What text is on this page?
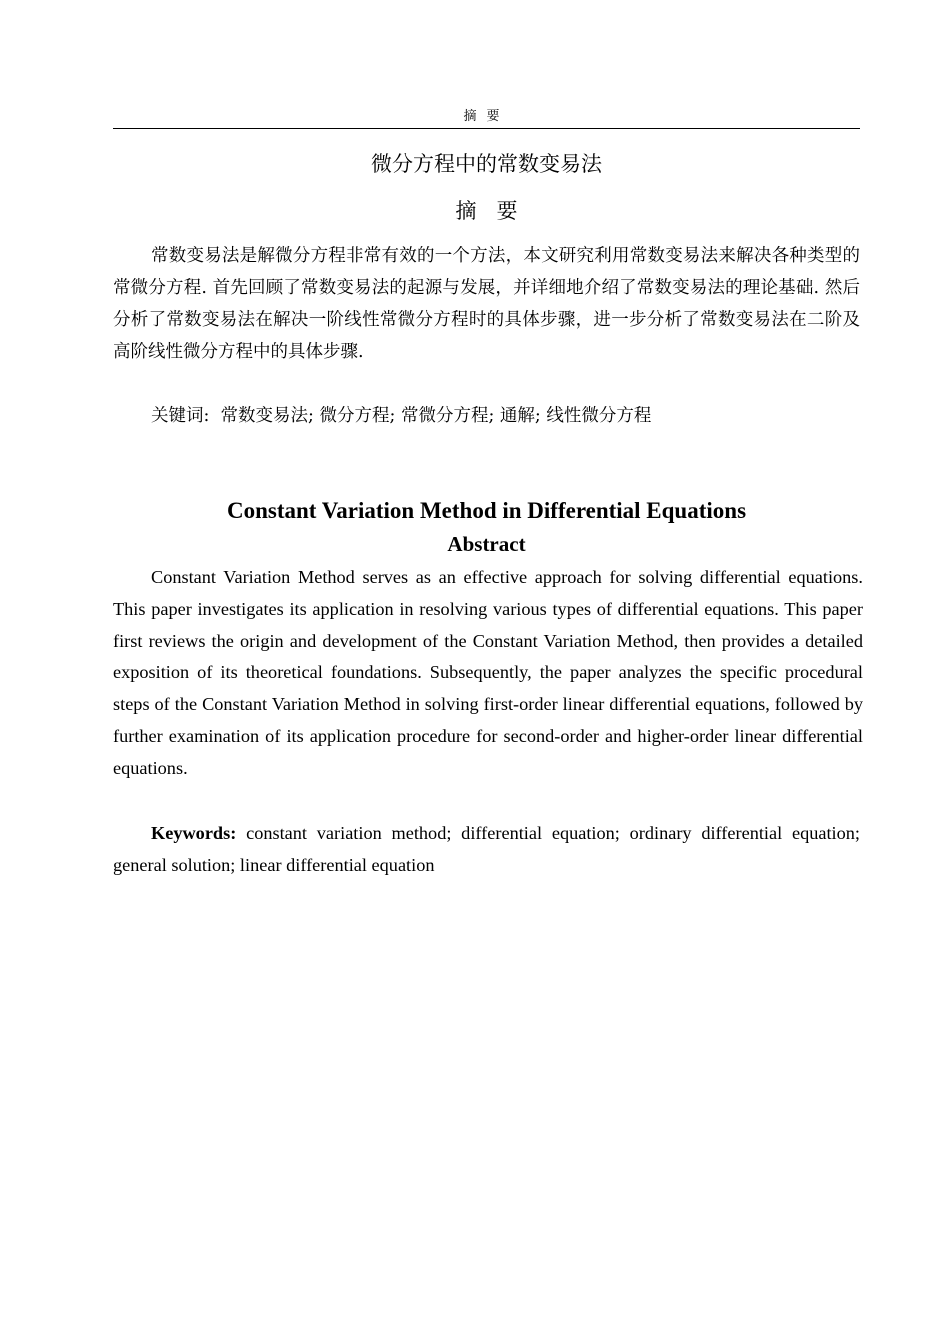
摘要
微分方程中的常数变易法
摘要

常数变易法是解微分方程非常有效的一个方法，本文研究利用常数变易法来解决各种类型的常微分方程. 首先回顾了常数变易法的起源与发展，并详细地介绍了常数变易法的理论基础. 然后分析了常数变易法在解决一阶线性常微分方程时的具体步骤，进一步分析了常数变易法在二阶及高阶线性微分方程中的具体步骤.

关键词: 常数变易法; 微分方程; 常微分方程; 通解; 线性微分方程

Constant Variation Method in Differential Equations
Abstract

Constant Variation Method serves as an effective approach for solving differential equations. This paper investigates its application in resolving various types of differential equations. This paper first reviews the origin and development of the Constant Variation Method, then provides a detailed exposition of its theoretical foundations. Subsequently, the paper analyzes the specific procedural steps of the Constant Variation Method in solving first-order linear differential equations, followed by further examination of its application procedure for second-order and higher-order linear differential equations.

Keywords: constant variation method; differential equation; ordinary differential equation; general solution; linear differential equation
